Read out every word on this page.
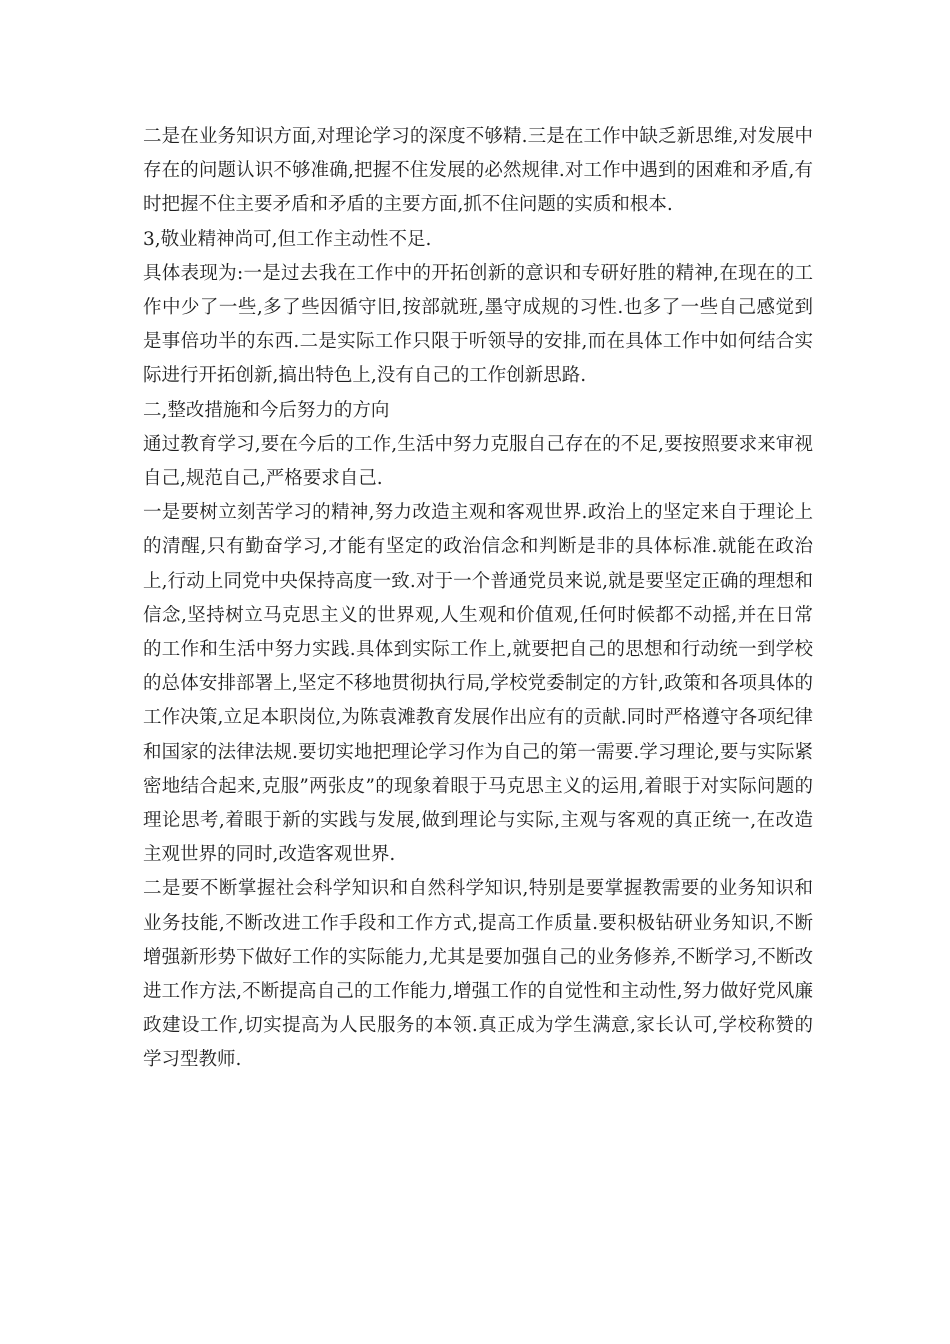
二是在业务知识方面,对理论学习的深度不够精.三是在工作中缺乏新思维,对发展中存在的问题认识不够准确,把握不住发展的必然规律.对工作中遇到的困难和矛盾,有时把握不住主要矛盾和矛盾的主要方面,抓不住问题的实质和根本.

3,敬业精神尚可,但工作主动性不足.

具体表现为:一是过去我在工作中的开拓创新的意识和专研好胜的精神,在现在的工作中少了一些,多了些因循守旧,按部就班,墨守成规的习性.也多了一些自己感觉到是事倍功半的东西.二是实际工作只限于听领导的安排,而在具体工作中如何结合实际进行开拓创新,搞出特色上,没有自己的工作创新思路.

二,整改措施和今后努力的方向

通过教育学习,要在今后的工作,生活中努力克服自己存在的不足,要按照要求来审视自己,规范自己,严格要求自己.

一是要树立刻苦学习的精神,努力改造主观和客观世界.政治上的坚定来自于理论上的清醒,只有勤奋学习,才能有坚定的政治信念和判断是非的具体标准.就能在政治上,行动上同党中央保持高度一致.对于一个普通党员来说,就是要坚定正确的理想和信念,坚持树立马克思主义的世界观,人生观和价值观,任何时候都不动摇,并在日常的工作和生活中努力实践.具体到实际工作上,就要把自己的思想和行动统一到学校的总体安排部署上,坚定不移地贯彻执行局,学校党委制定的方针,政策和各项具体的工作决策,立足本职岗位,为陈袁滩教育发展作出应有的贡献.同时严格遵守各项纪律和国家的法律法规.要切实地把理论学习作为自己的第一需要.学习理论,要与实际紧密地结合起来,克服”两张皮”的现象着眼于马克思主义的运用,着眼于对实际问题的理论思考,着眼于新的实践与发展,做到理论与实际,主观与客观的真正统一,在改造主观世界的同时,改造客观世界.

二是要不断掌握社会科学知识和自然科学知识,特别是要掌握教需要的业务知识和业务技能,不断改进工作手段和工作方式,提高工作质量.要积极钻研业务知识,不断增强新形势下做好工作的实际能力,尤其是要加强自己的业务修养,不断学习,不断改进工作方法,不断提高自己的工作能力,增强工作的自觉性和主动性,努力做好党风廉政建设工作,切实提高为人民服务的本领.真正成为学生满意,家长认可,学校称赞的学习型教师.
